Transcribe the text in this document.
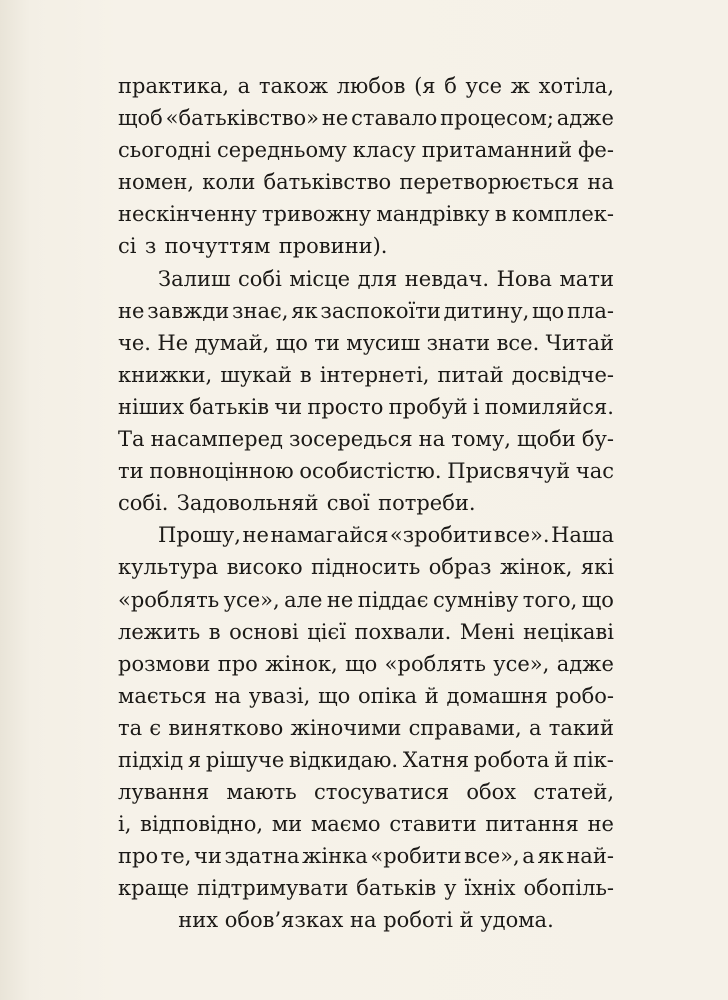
практика, а також любов (я б усе ж хотіла,
щоб «батьківство» не ставало процесом; адже
сьогодні середньому класу притаманний фе-
номен, коли батьківство перетворюється на
нескінченну тривожну мандрівку в комплек-
сі з почуттям провини).
Залиш собі місце для невдач. Нова мати
не завжди знає, як заспокоїти дитину, що пла-
че. Не думай, що ти мусиш знати все. Читай
книжки, шукай в інтернеті, питай досвідче-
ніших батьків чи просто пробуй і помиляйся.
Та насамперед зосередься на тому, щоби бу-
ти повноцінною особистістю. Присвячуй час
собі. Задовольняй свої потреби.
Прошу, не намагайся «зробити все». Наша
культура високо підносить образ жінок, які
«роблять усе», але не піддає сумніву того, що
лежить в основі цієї похвали. Мені нецікаві
розмови про жінок, що «роблять усе», адже
мається на увазі, що опіка й домашня робо-
та є винятково жіночими справами, а такий
підхід я рішуче відкидаю. Хатня робота й пік-
лування мають стосуватися обох статей,
і, відповідно, ми маємо ставити питання не
про те, чи здатна жінка «робити все», а як най-
краще підтримувати батьків у їхніх обопіль-
них обов’язках на роботі й удома.
